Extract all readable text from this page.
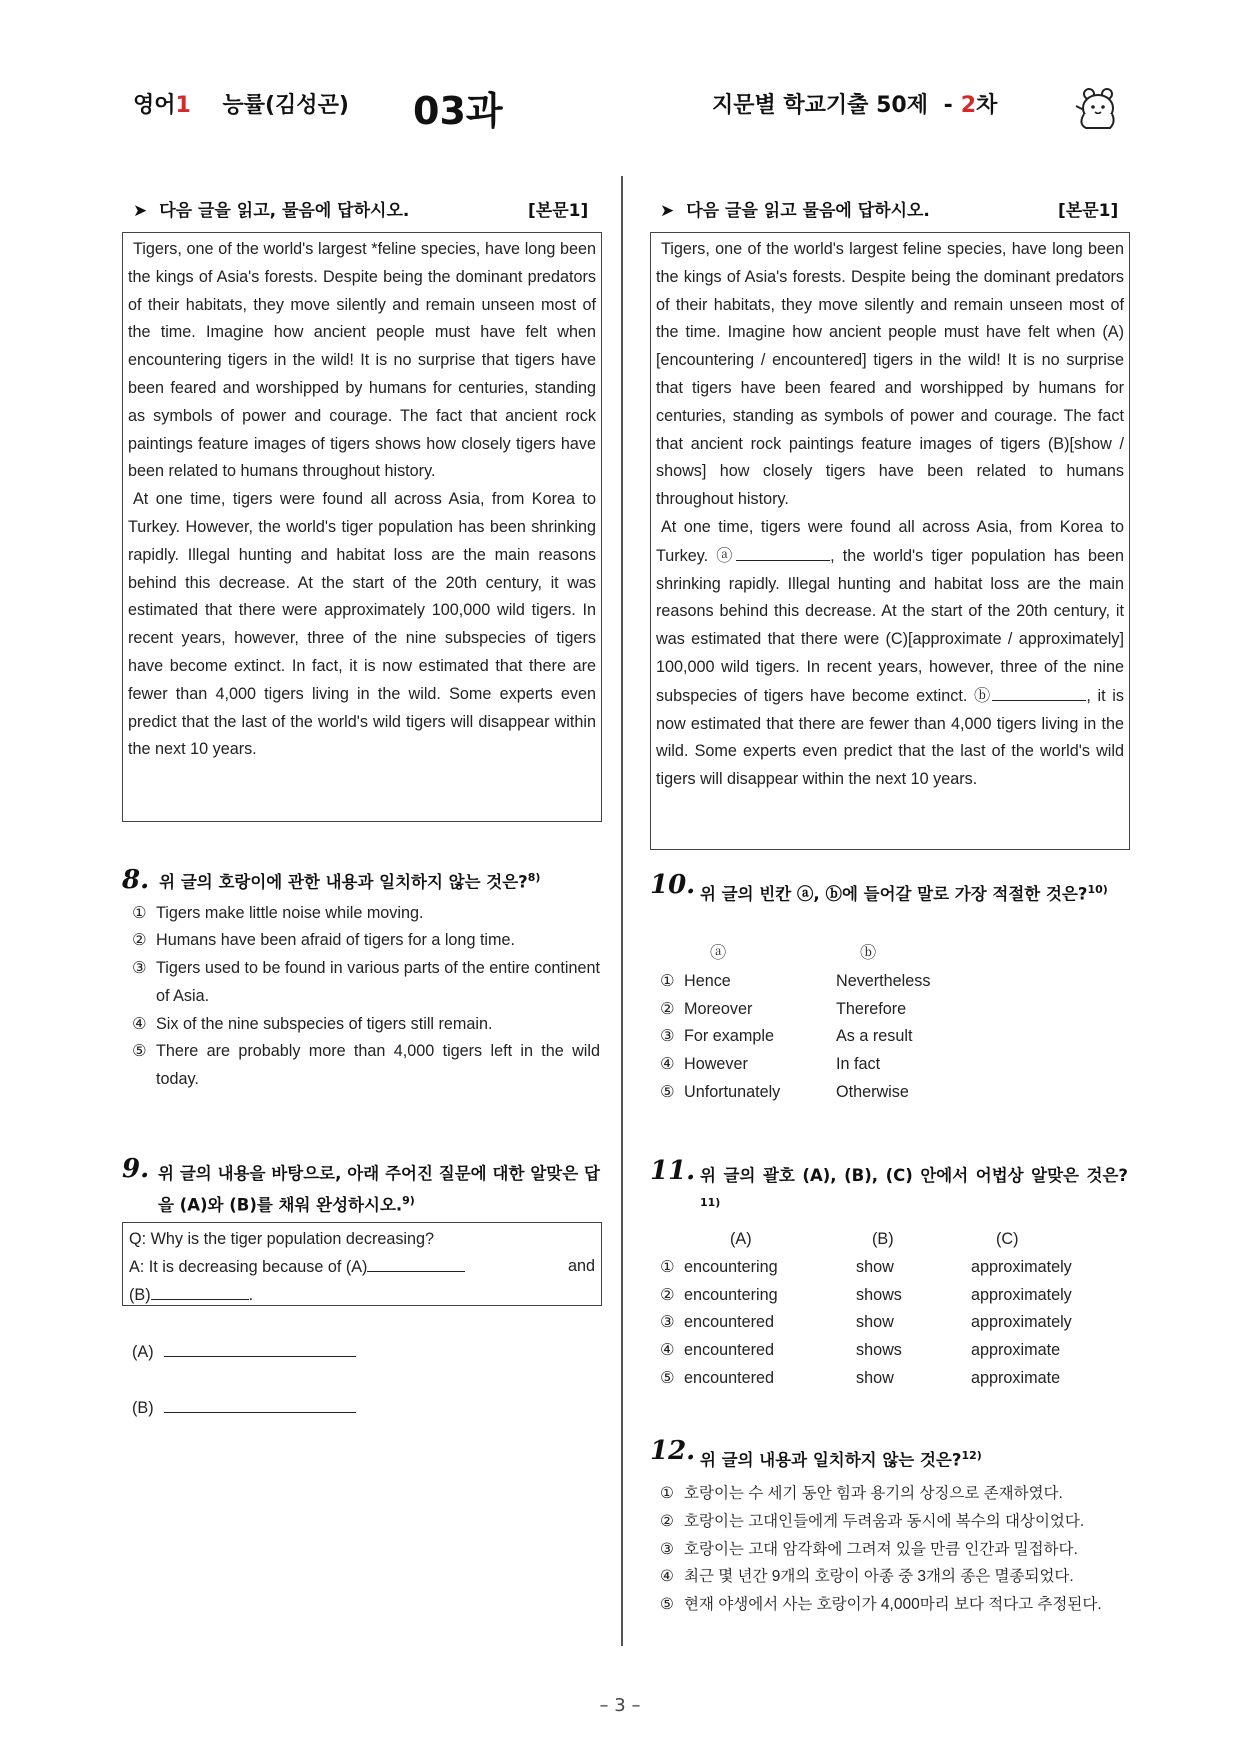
영어1 능률(김성곤) 03과	지문별 학교기출 50제 - 2차
➤ 다음 글을 읽고, 물음에 답하시오.	[본문1]

Tigers, one of the world's largest *feline species, have long been the kings of Asia's forests. Despite being the dominant predators of their habitats, they move silently and remain unseen most of the time. Imagine how ancient people must have felt when encountering tigers in the wild! It is no surprise that tigers have been feared and worshipped by humans for centuries, standing as symbols of power and courage. The fact that ancient rock paintings feature images of tigers shows how closely tigers have been related to humans throughout history.

At one time, tigers were found all across Asia, from Korea to Turkey. However, the world's tiger population has been shrinking rapidly. Illegal hunting and habitat loss are the main reasons behind this decrease. At the start of the 20th century, it was estimated that there were approximately 100,000 wild tigers. In recent years, however, three of the nine subspecies of tigers have become extinct. In fact, it is now estimated that there are fewer than 4,000 tigers living in the wild. Some experts even predict that the last of the world's wild tigers will disappear within the next 10 years.

8. 위 글의 호랑이에 관한 내용과 일치하지 않는 것은?$^{8)}$
① Tigers make little noise while moving.
② Humans have been afraid of tigers for a long time.
③ Tigers used to be found in various parts of the entire continent of Asia.
④ Six of the nine subspecies of tigers still remain.
⑤ There are probably more than 4,000 tigers left in the wild today.
9. 위 글의 내용을 바탕으로, 아래 주어진 질문에 대한 알맞은 답을 (A)와 (B)를 채워 완성하시오.$^{9)}$
Q: Why is the tiger population decreasing?
A: It is decreasing because of (A)	and
(B)	.
(A)
(B)
➤ 다음 글을 읽고 물음에 답하시오.	[본문1]

Tigers, one of the world's largest feline species, have long been the kings of Asia's forests. Despite being the dominant predators of their habitats, they move silently and remain unseen most of the time. Imagine how ancient people must have felt when (A)[encountering / encountered] tigers in the wild! It is no surprise that tigers have been feared and worshipped by humans for centuries, standing as symbols of power and courage. The fact that ancient rock paintings feature images of tigers (B)[show / shows] how closely tigers have been related to humans throughout history.

At one time, tigers were found all across Asia, from Korea to Turkey. ⓐ	, the world's tiger population has been shrinking rapidly. Illegal hunting and habitat loss are the main reasons behind this decrease. At the start of the 20th century, it was estimated that there were (C)[approximate / approximately] 100,000 wild tigers. In recent years, however, three of the nine subspecies of tigers have become extinct. ⓑ	, it is now estimated that there are fewer than 4,000 tigers living in the wild. Some experts even predict that the last of the world's wild tigers will disappear within the next 10 years.

10. 위 글의 빈칸 ⓐ, ⓑ에 들어갈 말로 가장 적절한 것은?$^{10)}$
ⓐ	ⓑ
① Hence	Nevertheless
② Moreover	Therefore
③ For example	As a result
④ However	In fact
⑤ Unfortunately	Otherwise
11. 위 글의 괄호 (A), (B), (C) 안에서 어법상 알맞은 것은?$^{11)}$
(A)	(B)	(C)
① encountering	show	approximately
② encountering	shows	approximately
③ encountered	show	approximately
④ encountered	shows	approximate
⑤ encountered	show	approximate
12. 위 글의 내용과 일치하지 않는 것은?$^{12)}$
① 호랑이는 수 세기 동안 힘과 용기의 상징으로 존재하였다.
② 호랑이는 고대인들에게 두려움과 동시에 복수의 대상이었다.
③ 호랑이는 고대 암각화에 그려져 있을 만큼 인간과 밀접하다.
④ 최근 몇 년간 9개의 호랑이 아종 중 3개의 종은 멸종되었다.
⑤ 현재 야생에서 사는 호랑이가 4,000마리 보다 적다고 추정된다.
– 3 –
